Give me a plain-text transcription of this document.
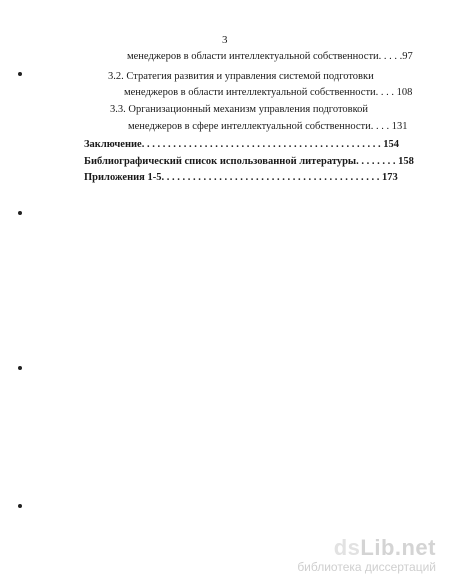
3
менеджеров в области интеллектуальной собственности. . . . .97
3.2. Стратегия развития и управления системой подготовки
менеджеров в области интеллектуальной собственности. . . . 108
3.3. Организационный механизм управления подготовкой
менеджеров в сфере интеллектуальной собственности. . . . 131
Заключение. . . . . . . . . . . . . . . . . . . . . . . . . . . . . . . . . . . . . . . . . . . . . . 154
Библиографический список использованной литературы. . . . . . . . 158
Приложения 1-5. . . . . . . . . . . . . . . . . . . . . . . . . . . . . . . . . . . . . . . . . . 173
dsLib.net
библиотека диссертаций
